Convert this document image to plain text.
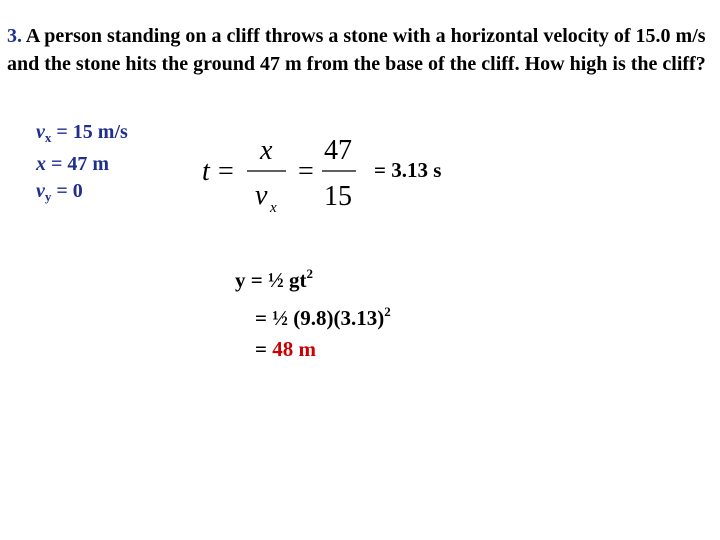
3. A person standing on a cliff throws a stone with a horizontal velocity of 15.0 m/s and the stone hits the ground 47 m from the base of the cliff. How high is the cliff?

$v_x = 15$ m/s
x = 47 m
$v_y = 0$
t =
x
v x
=
47
15
= 3.13 s
y = ½ $gt^2$
= ½ $(9.8)(3.13)^2$
= 48 m
